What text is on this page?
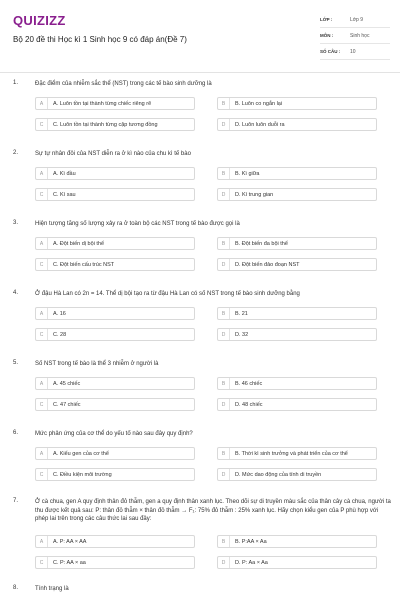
QUIZIZZ
Bộ 20 đề thi Học kì 1 Sinh học 9 có đáp án(Đề 7)
LỚP :	Lớp 9
MÔN :	Sinh học
SỐ CÂU :	10
1.	Đặc điểm của nhiễm sắc thể (NST) trong các tế bào sinh dưỡng là
A	A. Luôn tồn tại thành từng chiếc riêng rẽ	B	B. Luôn co ngắn lại
C	C. Luôn tồn tại thành từng cặp tương đồng	D	D. Luôn luôn duỗi ra
2.	Sự tự nhân đôi của NST diễn ra ở kì nào của chu kì tế bào
A	A. Kì đầu	B	B. Kì giữa
C	C. Kì sau	D	D. Kì trung gian
3.	Hiện tượng tăng số lượng xảy ra ở toàn bộ các NST trong tế bào được gọi là
A	A. Đột biến dị bội thể	B	B. Đột biến đa bội thể
C	C. Đột biến cấu trúc NST	D	D. Đột biến đảo đoạn NST
4.	Ở đậu Hà Lan có 2n = 14. Thể dị bội tạo ra từ đậu Hà Lan có số NST trong tế bào sinh dưỡng bằng
A	A. 16	B	B. 21
C	C. 28	D	D. 32
5.	Số NST trong tế bào là thể 3 nhiễm ở người là
A	A. 45 chiếc	B	B. 46 chiếc
C	C. 47 chiếc	D	D. 48 chiếc
6.	Mức phản ứng của cơ thể do yếu tố nào sau đây quy định?
A	A. Kiểu gen của cơ thể	B	B. Thời kì sinh trưởng và phát triển của cơ thể
C	C. Điều kiện môi trường	D	D. Mức dao động của tính di truyền
7.	Ở cà chua, gen A quy định thân đỏ thẫm, gen a quy định thân xanh lục. Theo dõi sự di truyền màu sắc của thân cây cà chua, người ta thu được kết quả sau: P: thân đỏ thẫm × thân đỏ thẫm → F₁: 75% đỏ thẫm : 25% xanh lục. Hãy chọn kiểu gen của P phù hợp với phép lai trên trong các câu thức lai sau đây:
A	A. P: AA × AA	B	B. P:AA × Aa
C	C. P: AA × aa	D	D. P: Aa × Aa
8.	Tính trạng là
